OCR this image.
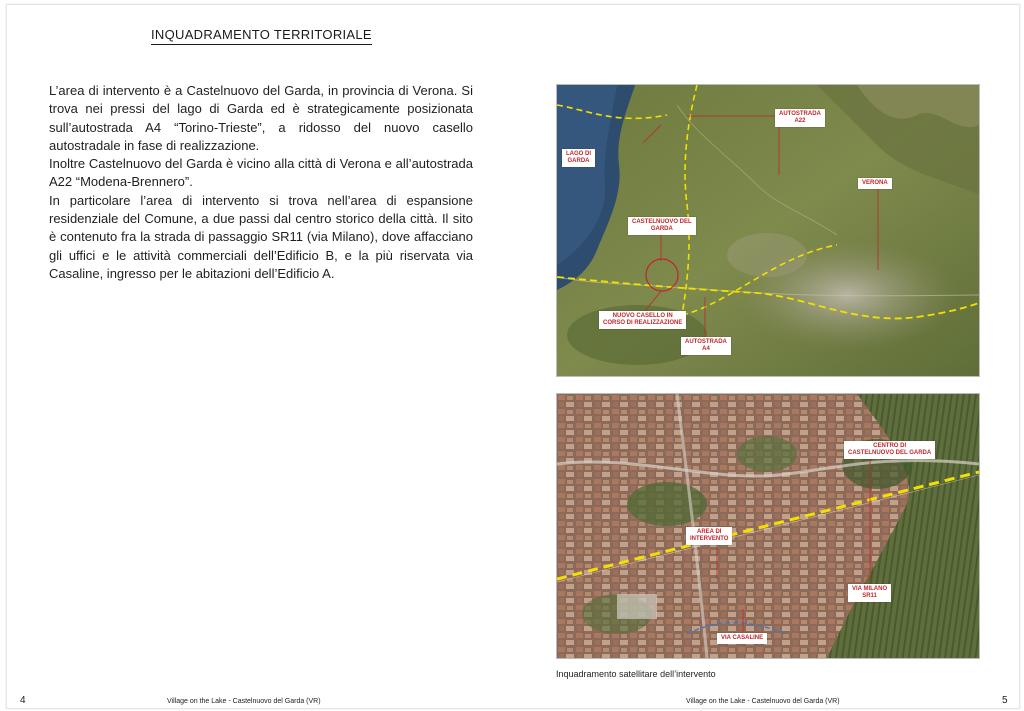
INQUADRAMENTO TERRITORIALE

L’area di intervento è a Castelnuovo del Garda, in provincia di Verona. Si trova nei pressi del lago di Garda ed è strategicamente posizionata sull’autostrada A4 “Torino-Trieste”, a ridosso del nuovo casello autostradale in fase di realizzazione.

Inoltre Castelnuovo del Garda è vicino alla città di Verona e all’autostrada A22 “Modena-Brennero”.

In particolare l’area di intervento si trova nell’area di espansione residenziale del Comune, a due passi dal centro storico della città. Il sito è contenuto fra la strada di passaggio SR11 (via Milano), dove affacciano gli uffici e le attività commerciali dell’Edificio B, e la più riservata via Casaline, ingresso per le abitazioni dell’Edificio A.

AUTOSTRADA
A22
LAGO DI
GARDA
VERONA
CASTELNUOVO DEL
GARDA
NUOVO CASELLO IN
CORSO DI REALIZZAZIONE
AUTOSTRADA
A4
CENTRO DI
CASTELNUOVO DEL GARDA
AREA DI
INTERVENTO
VIA MILANO
SR11
VIA CASALINE
Inquadramento satellitare dell’intervento
4	Village on the Lake - Castelnuovo del Garda (VR)	Village on the Lake - Castelnuovo del Garda (VR)	5
